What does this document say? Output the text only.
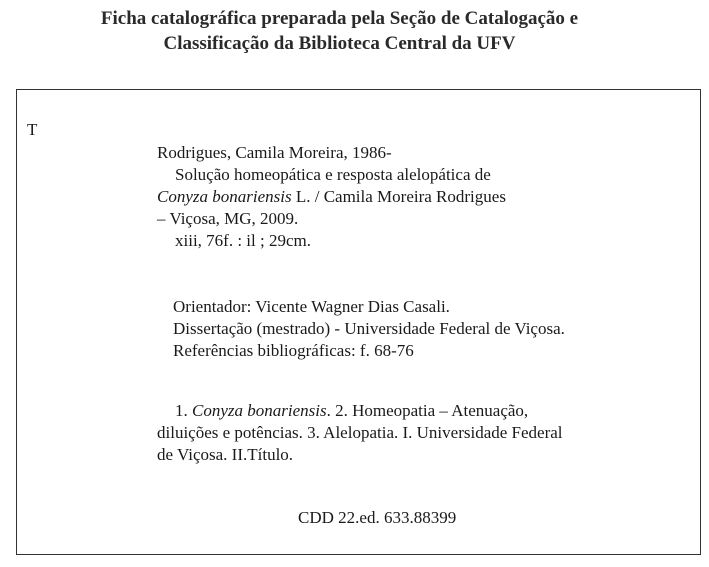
Ficha catalográfica preparada pela Seção de Catalogação e
Classificação da Biblioteca Central da UFV
T
Rodrigues, Camila Moreira, 1986-
Solução homeopática e resposta alelopática de
Conyza bonariensis L. / Camila Moreira Rodrigues
– Viçosa, MG, 2009.
xiii, 76f. : il ; 29cm.
Orientador: Vicente Wagner Dias Casali.
Dissertação (mestrado) - Universidade Federal de Viçosa.
Referências bibliográficas: f. 68-76
1. Conyza bonariensis. 2. Homeopatia – Atenuação,
diluições e potências. 3. Alelopatia. I. Universidade Federal
de Viçosa. II.Título.
CDD 22.ed. 633.88399
